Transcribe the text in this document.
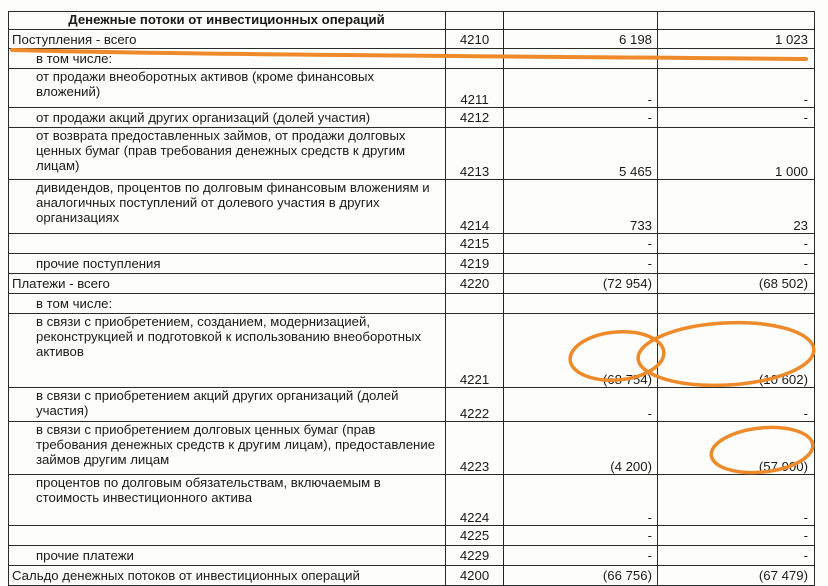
Денежные потоки от инвестиционных операций			
Поступления - всего	4210	6 198	1 023
в том числе:			
от продажи внеоборотных активов (кроме финансовых вложений)	4211	-	-
от продажи акций других организаций (долей участия)	4212	-	-
от возврата предоставленных займов, от продажи долговых ценных бумаг (прав требования денежных средств к другим лицам)	4213	5 465	1 000
дивидендов, процентов по долговым финансовым вложениям и аналогичных поступлений от долевого участия в других организациях	4214	733	23
	4215	-	-
прочие поступления	4219	-	-
Платежи - всего	4220	(72 954)	(68 502)
в том числе:			
в связи с приобретением, созданием, модернизацией, реконструкцией и подготовкой к использованию внеоборотных активов	4221	(68 754)	(10 602)
в связи с приобретением акций других организаций (долей участия)	4222	-	-
в связи с приобретением долговых ценных бумаг (прав требования денежных средств к другим лицам), предоставление займов другим лицам	4223	(4 200)	(57 900)
процентов по долговым обязательствам, включаемым в стоимость инвестиционного актива	4224	-	-
	4225	-	-
прочие платежи	4229	-	-
Сальдо денежных потоков от инвестиционных операций	4200	(66 756)	(67 479)
